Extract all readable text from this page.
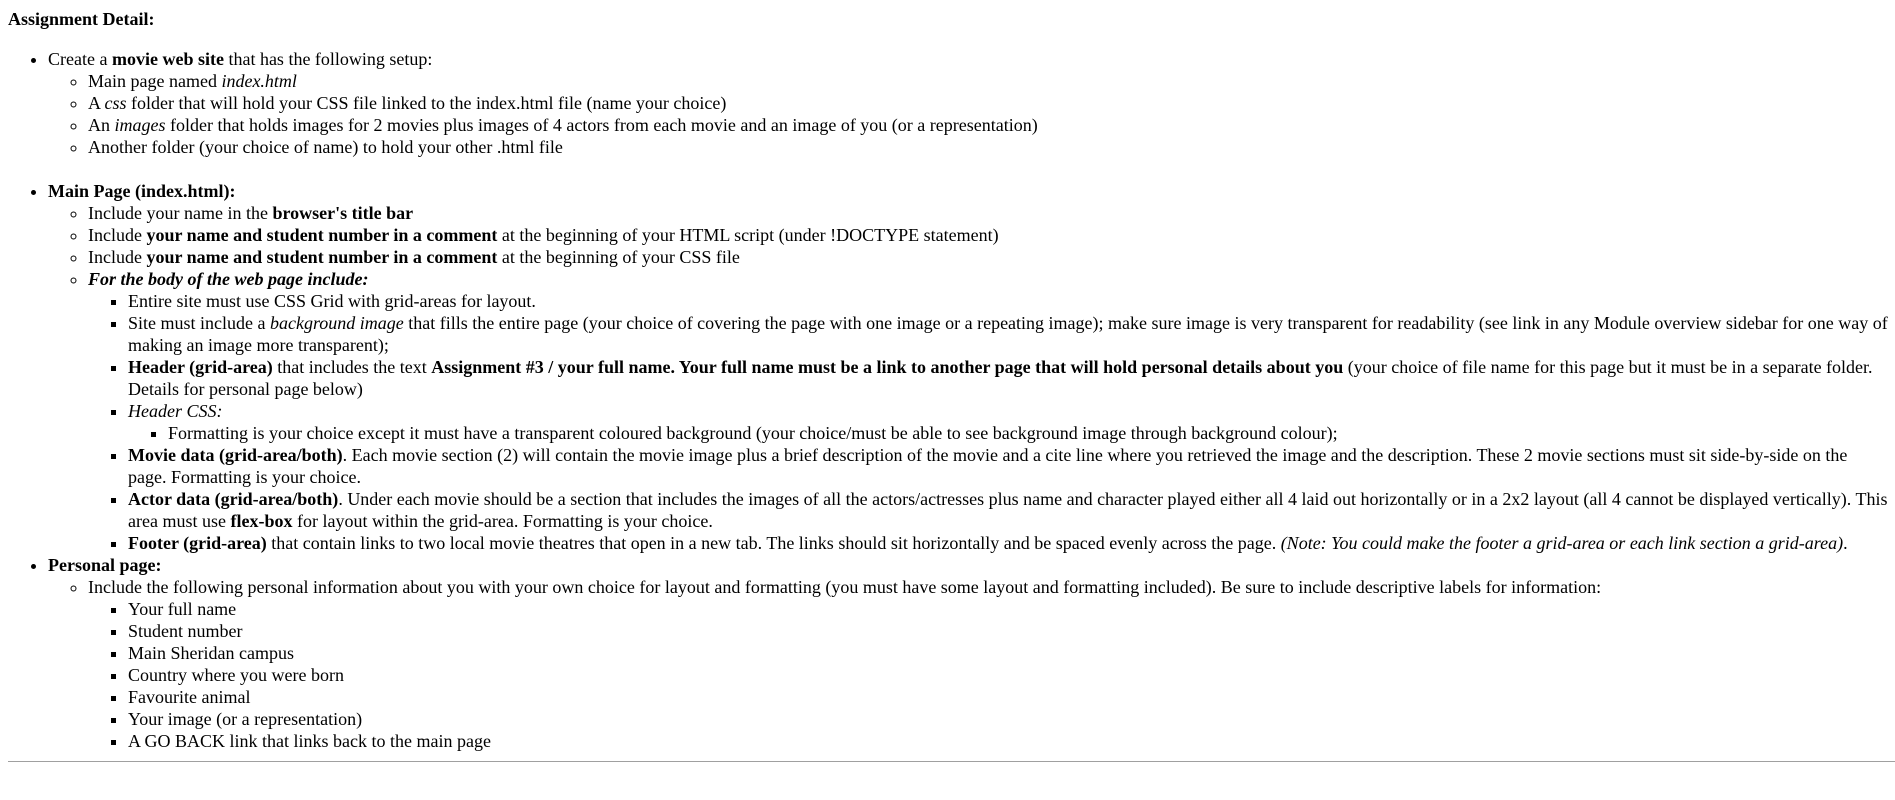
Assignment Detail:
• Create a movie web site that has the following setup:
◦ Main page named index.html
◦ A css folder that will hold your CSS file linked to the index.html file (name your choice)
◦ An images folder that holds images for 2 movies plus images of 4 actors from each movie and an image of you (or a representation)
◦ Another folder (your choice of name) to hold your other .html file
• Main Page (index.html):
◦ Include your name in the browser's title bar
◦ Include your name and student number in a comment at the beginning of your HTML script (under !DOCTYPE statement)
◦ Include your name and student number in a comment at the beginning of your CSS file
◦ For the body of the web page include:
▪ Entire site must use CSS Grid with grid-areas for layout.
▪ Site must include a background image that fills the entire page (your choice of covering the page with one image or a repeating image); make sure image is very transparent for readability (see link in any Module overview sidebar for one way of making an image more transparent);
▪ Header (grid-area) that includes the text Assignment #3 / your full name. Your full name must be a link to another page that will hold personal details about you (your choice of file name for this page but it must be in a separate folder. Details for personal page below)
▪ Header CSS:
▪ Formatting is your choice except it must have a transparent coloured background (your choice/must be able to see background image through background colour);
▪ Movie data (grid-area/both). Each movie section (2) will contain the movie image plus a brief description of the movie and a cite line where you retrieved the image and the description. These 2 movie sections must sit side-by-side on the page. Formatting is your choice.
▪ Actor data (grid-area/both). Under each movie should be a section that includes the images of all the actors/actresses plus name and character played either all 4 laid out horizontally or in a 2x2 layout (all 4 cannot be displayed vertically). This area must use flex-box for layout within the grid-area. Formatting is your choice.
▪ Footer (grid-area) that contain links to two local movie theatres that open in a new tab. The links should sit horizontally and be spaced evenly across the page. (Note: You could make the footer a grid-area or each link section a grid-area).
• Personal page:
◦ Include the following personal information about you with your own choice for layout and formatting (you must have some layout and formatting included). Be sure to include descriptive labels for information:
▪ Your full name
▪ Student number
▪ Main Sheridan campus
▪ Country where you were born
▪ Favourite animal
▪ Your image (or a representation)
▪ A GO BACK link that links back to the main page
